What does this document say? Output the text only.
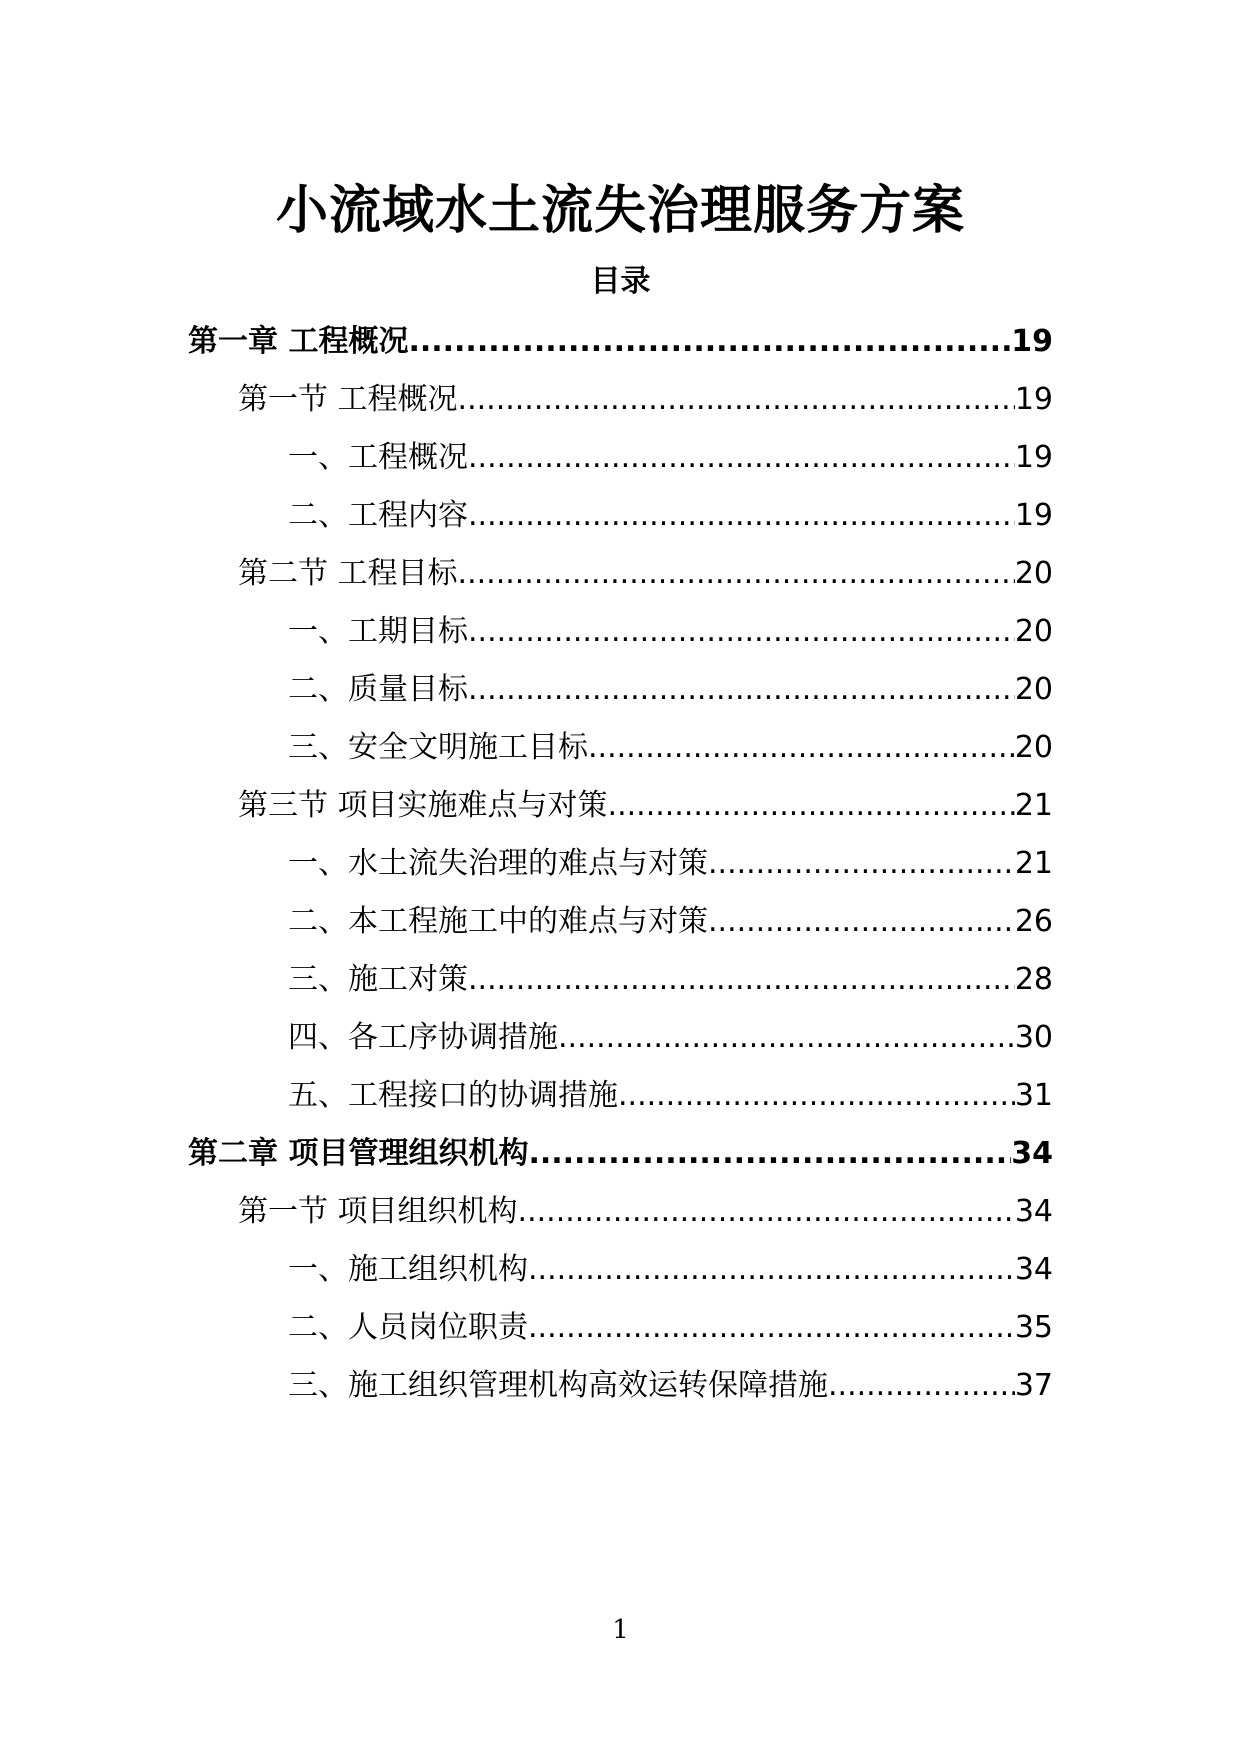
小流域水土流失治理服务方案
目录
第一章 工程概况 .....	19
第一节 工程概况 .....	19
一、工程概况 .....	19
二、工程内容 .....	19
第二节 工程目标 .....	20
一、工期目标 .....	20
二、质量目标 .....	20
三、安全文明施工目标 .....	20
第三节 项目实施难点与对策 .....	21
一、水土流失治理的难点与对策 .....	21
二、本工程施工中的难点与对策 .....	26
三、施工对策 .....	28
四、各工序协调措施 .....	30
五、工程接口的协调措施 .....	31
第二章 项目管理组织机构 .....	34
第一节 项目组织机构 .....	34
一、施工组织机构 .....	34
二、人员岗位职责 .....	35
三、施工组织管理机构高效运转保障措施 .....	37
1
